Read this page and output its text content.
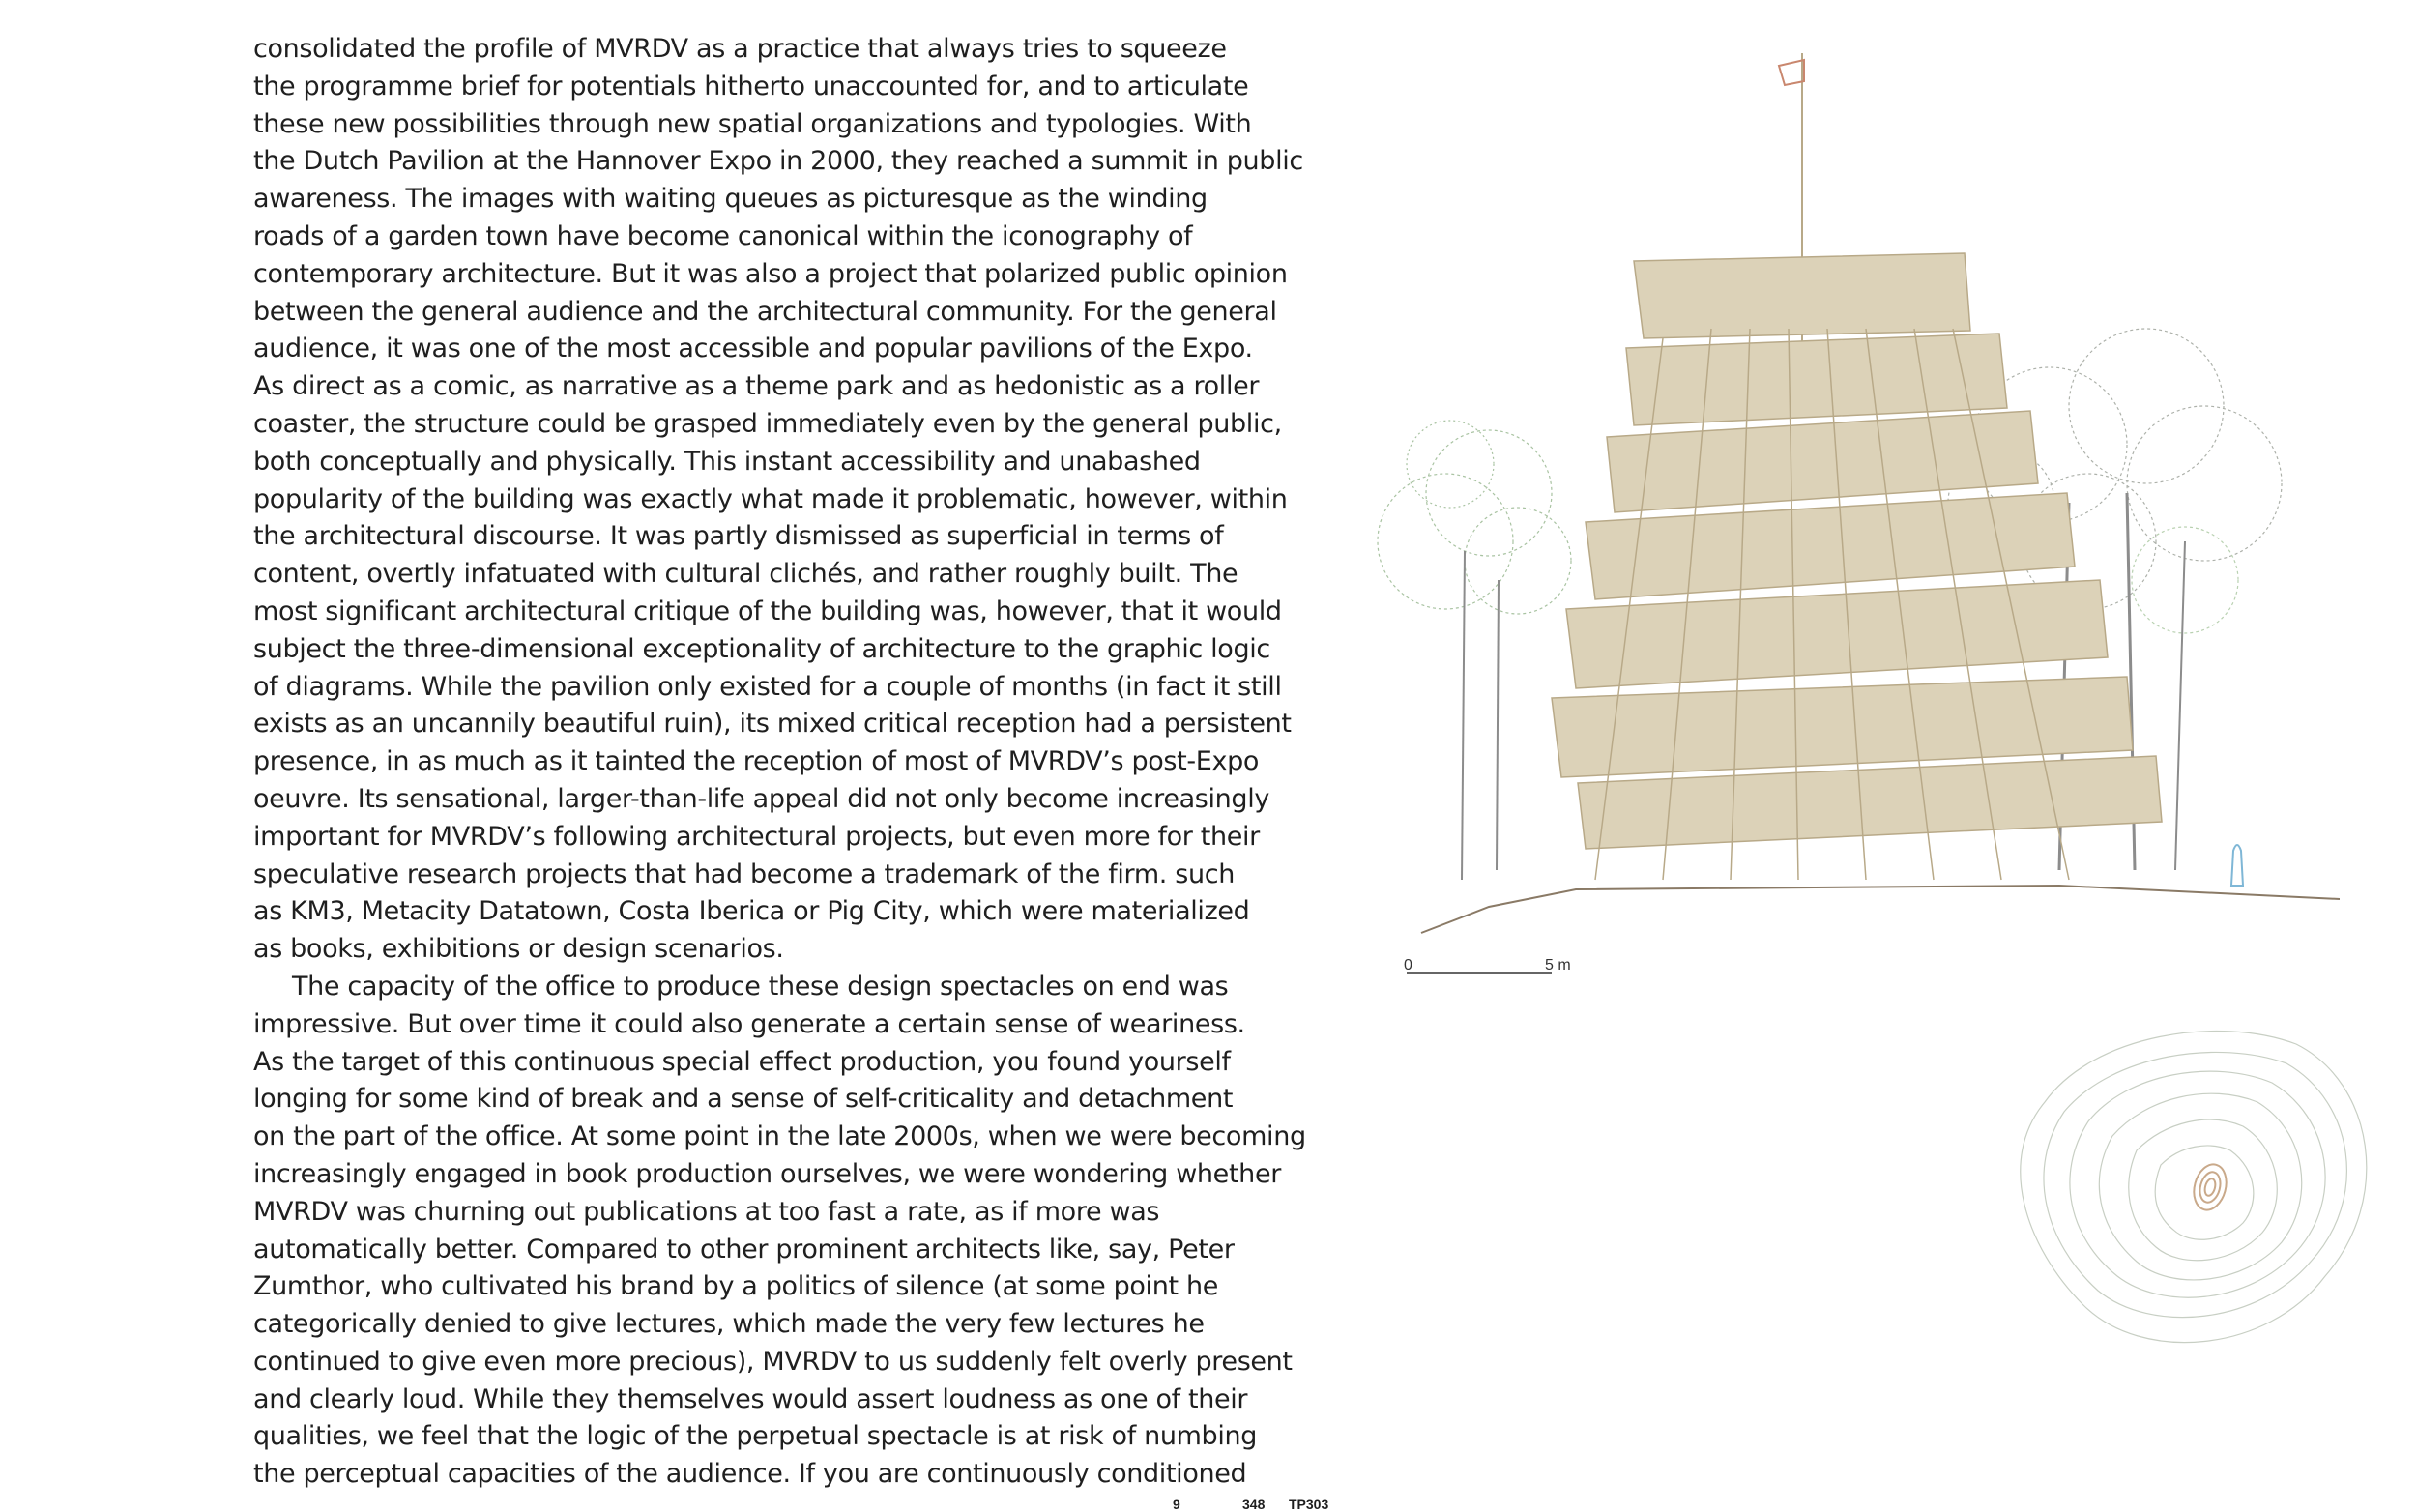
consolidated the profile of MVRDV as a practice that always tries to squeeze
the programme brief for potentials hitherto unaccounted for, and to articulate
these new possibilities through new spatial organizations and typologies. With
the Dutch Pavilion at the Hannover Expo in 2000, they reached a summit in public
awareness. The images with waiting queues as picturesque as the winding
roads of a garden town have become canonical within the iconography of
contemporary architecture. But it was also a project that polarized public opinion
between the general audience and the architectural community. For the general
audience, it was one of the most accessible and popular pavilions of the Expo.
As direct as a comic, as narrative as a theme park and as hedonistic as a roller
coaster, the structure could be grasped immediately even by the general public,
both conceptually and physically. This instant accessibility and unabashed
popularity of the building was exactly what made it problematic, however, within
the architectural discourse. It was partly dismissed as superficial in terms of
content, overtly infatuated with cultural clichés, and rather roughly built. The
most significant architectural critique of the building was, however, that it would
subject the three-dimensional exceptionality of architecture to the graphic logic
of diagrams. While the pavilion only existed for a couple of months (in fact it still
exists as an uncannily beautiful ruin), its mixed critical reception had a persistent
presence, in as much as it tainted the reception of most of MVRDV’s post-Expo
oeuvre. Its sensational, larger-than-life appeal did not only become increasingly
important for MVRDV’s following architectural projects, but even more for their
speculative research projects that had become a trademark of the firm. such
as KM3, Metacity Datatown, Costa Iberica or Pig City, which were materialized
as books, exhibitions or design scenarios.
The capacity of the office to produce these design spectacles on end was
impressive. But over time it could also generate a certain sense of weariness.
As the target of this continuous special effect production, you found yourself
longing for some kind of break and a sense of self-criticality and detachment
on the part of the office. At some point in the late 2000s, when we were becoming
increasingly engaged in book production ourselves, we were wondering whether
MVRDV was churning out publications at too fast a rate, as if more was
automatically better. Compared to other prominent architects like, say, Peter
Zumthor, who cultivated his brand by a politics of silence (at some point he
categorically denied to give lectures, which made the very few lectures he
continued to give even more precious), MVRDV to us suddenly felt overly present
and clearly loud. While they themselves would assert loudness as one of their
qualities, we feel that the logic of the perpetual spectacle is at risk of numbing
the perceptual capacities of the audience. If you are continuously conditioned
0	5 m
9	348 TP303
